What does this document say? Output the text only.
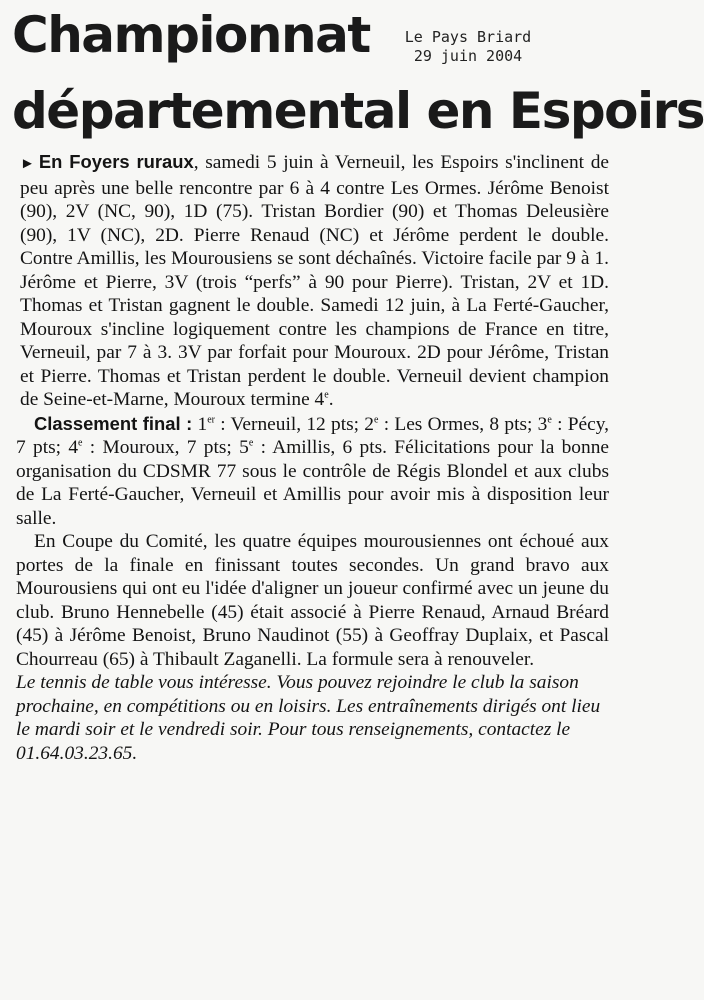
Championnat
départemental en Espoirs
Le Pays Briard
29 juin 2004

► En Foyers ruraux, samedi 5 juin à Verneuil, les Espoirs s'inclinent de peu après une belle rencontre par 6 à 4 contre Les Ormes. Jérôme Benoist (90), 2V (NC, 90), 1D (75). Tristan Bordier (90) et Thomas Deleusière (90), 1V (NC), 2D. Pierre Renaud (NC) et Jérôme perdent le double. Contre Amillis, les Mourousiens se sont déchaînés. Victoire facile par 9 à 1. Jérôme et Pierre, 3V (trois “perfs” à 90 pour Pierre). Tristan, 2V et 1D. Thomas et Tristan gagnent le double. Samedi 12 juin, à La Ferté-Gaucher, Mouroux s'incline logiquement contre les champions de France en titre, Verneuil, par 7 à 3. 3V par forfait pour Mouroux. 2D pour Jérôme, Tristan et Pierre. Thomas et Tristan perdent le double. Verneuil devient champion de Seine-et-Marne, Mouroux termine 4e.

Classement final : 1er : Verneuil, 12 pts; 2e : Les Ormes, 8 pts; 3e : Pécy, 7 pts; 4e : Mouroux, 7 pts; 5e : Amillis, 6 pts. Félicitations pour la bonne organisation du CDSMR 77 sous le contrôle de Régis Blondel et aux clubs de La Ferté-Gaucher, Verneuil et Amillis pour avoir mis à disposition leur salle.

En Coupe du Comité, les quatre équipes mourousiennes ont échoué aux portes de la finale en finissant toutes secondes. Un grand bravo aux Mourousiens qui ont eu l'idée d'aligner un joueur confirmé avec un jeune du club. Bruno Hennebelle (45) était associé à Pierre Renaud, Arnaud Bréard (45) à Jérôme Benoist, Bruno Naudinot (55) à Geoffray Duplaix, et Pascal Chourreau (65) à Thibault Zaganelli. La formule sera à renouveler.

Le tennis de table vous intéresse. Vous pouvez rejoindre le club la saison prochaine, en compétitions ou en loisirs. Les entraînements dirigés ont lieu le mardi soir et le vendredi soir. Pour tous renseignements, contactez le 01.64.03.23.65.
